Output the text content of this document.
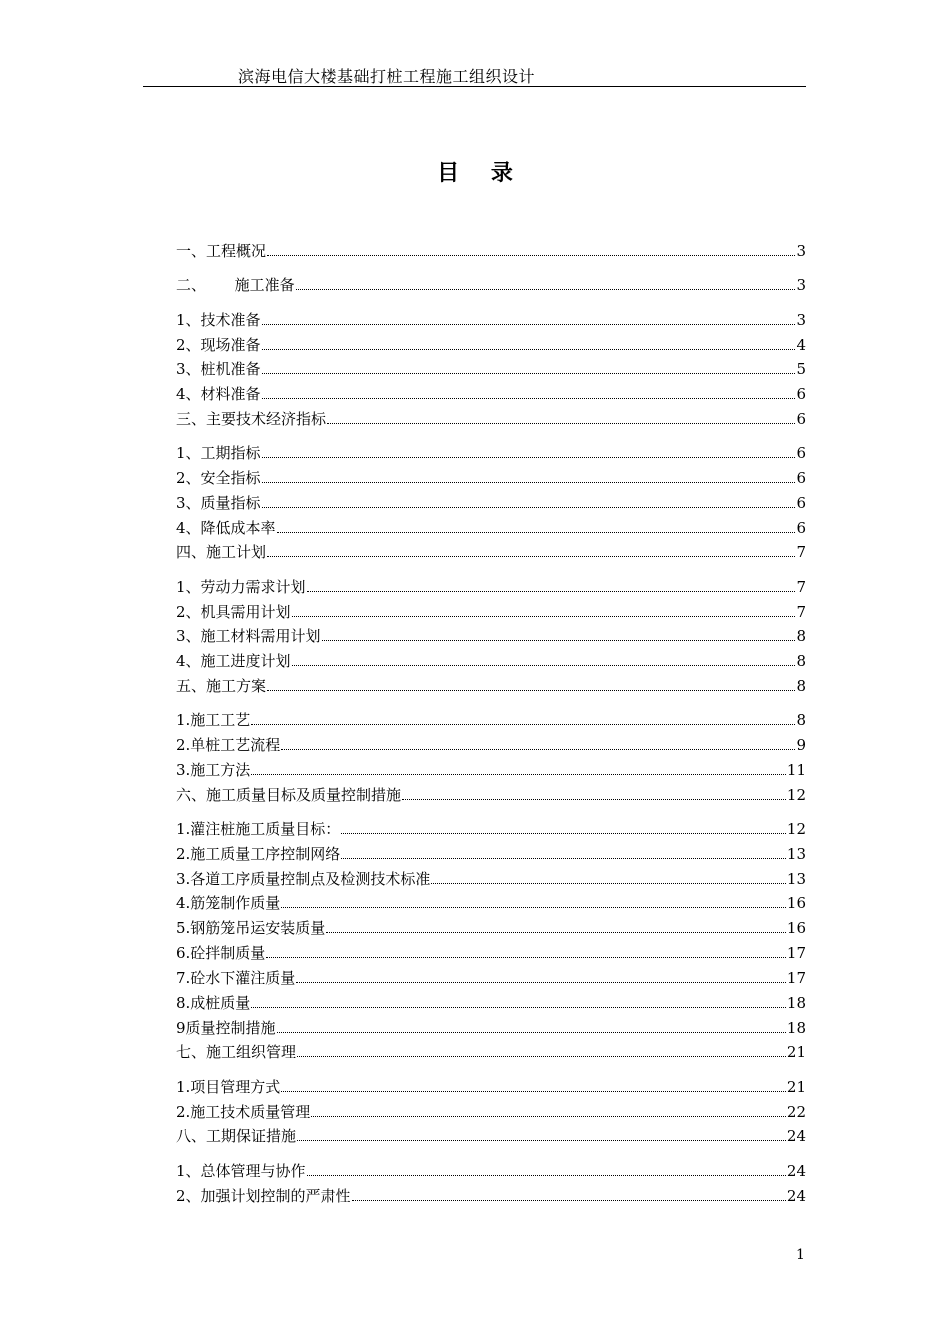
滨海电信大楼基础打桩工程施工组织设计
目 录
一、工程概况	3
二、      施工准备	3
1、技术准备	3
2、现场准备	4
3、桩机准备	5
4、材料准备	6
三、主要技术经济指标	6
1、工期指标	6
2、安全指标	6
3、质量指标	6
4、降低成本率	6
四、施工计划	7
1、劳动力需求计划	7
2、机具需用计划	7
3、施工材料需用计划	8
4、施工进度计划	8
五、施工方案	8
1.施工工艺	8
2.单桩工艺流程	9
3.施工方法	11
六、施工质量目标及质量控制措施	12
1.灌注桩施工质量目标：	12
2.施工质量工序控制网络	13
3.各道工序质量控制点及检测技术标准	13
4.筋笼制作质量	16
5.钢筋笼吊运安装质量	16
6.砼拌制质量	17
7.砼水下灌注质量	17
8.成桩质量	18
9质量控制措施	18
七、施工组织管理	21
1.项目管理方式	21
2.施工技术质量管理	22
八、工期保证措施	24
1、总体管理与协作	24
2、加强计划控制的严肃性	24
1
